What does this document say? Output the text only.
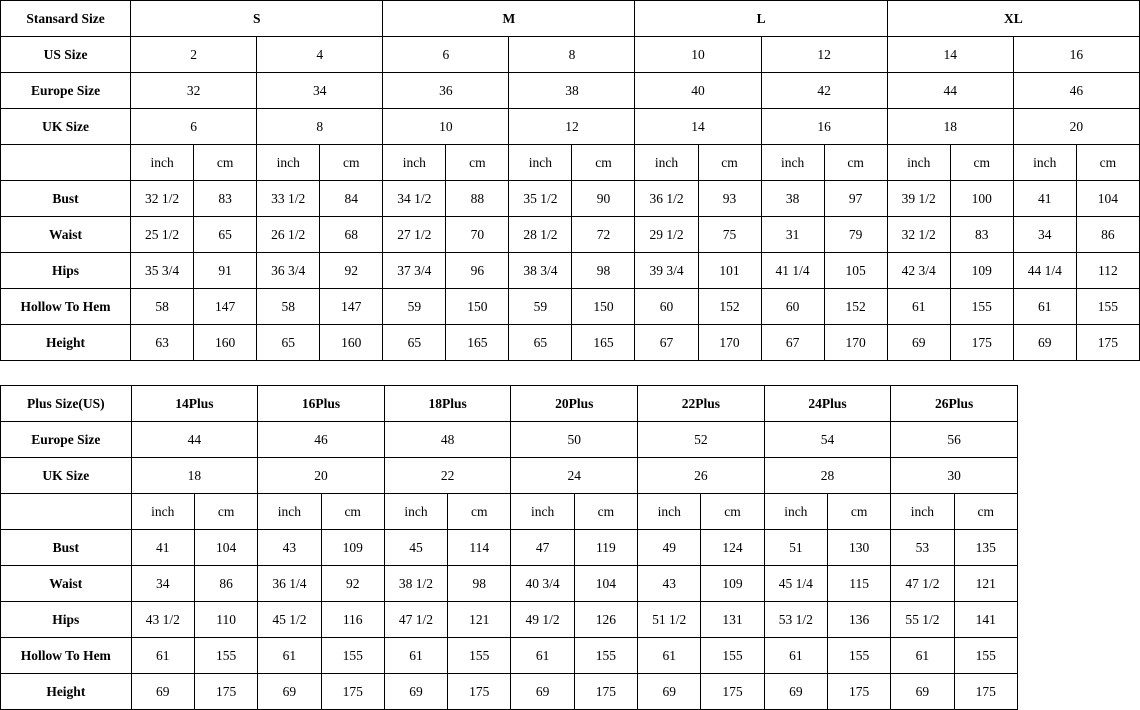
Stansard Size	S				M				L				XL			
US Size	2		4		6		8		10		12		14		16	
Europe Size	32		34		36		38		40		42		44		46	
UK Size	6		8		10		12		14		16		18		20	
	inch	cm	inch	cm	inch	cm	inch	cm	inch	cm	inch	cm	inch	cm	inch	cm
Bust	32 1/2	83	33 1/2	84	34 1/2	88	35 1/2	90	36 1/2	93	38	97	39 1/2	100	41	104
Waist	25 1/2	65	26 1/2	68	27 1/2	70	28 1/2	72	29 1/2	75	31	79	32 1/2	83	34	86
Hips	35 3/4	91	36 3/4	92	37 3/4	96	38 3/4	98	39 3/4	101	41 1/4	105	42 3/4	109	44 1/4	112
Hollow To Hem	58	147	58	147	59	150	59	150	60	152	60	152	61	155	61	155
Height	63	160	65	160	65	165	65	165	67	170	67	170	69	175	69	175
Plus Size(US)	14Plus		16Plus		18Plus		20Plus		22Plus		24Plus		26Plus	
Europe Size	44		46		48		50		52		54		56	
UK Size	18		20		22		24		26		28		30	
	inch	cm	inch	cm	inch	cm	inch	cm	inch	cm	inch	cm	inch	cm
Bust	41	104	43	109	45	114	47	119	49	124	51	130	53	135
Waist	34	86	36 1/4	92	38 1/2	98	40 3/4	104	43	109	45 1/4	115	47 1/2	121
Hips	43 1/2	110	45 1/2	116	47 1/2	121	49 1/2	126	51 1/2	131	53 1/2	136	55 1/2	141
Hollow To Hem	61	155	61	155	61	155	61	155	61	155	61	155	61	155
Height	69	175	69	175	69	175	69	175	69	175	69	175	69	175
